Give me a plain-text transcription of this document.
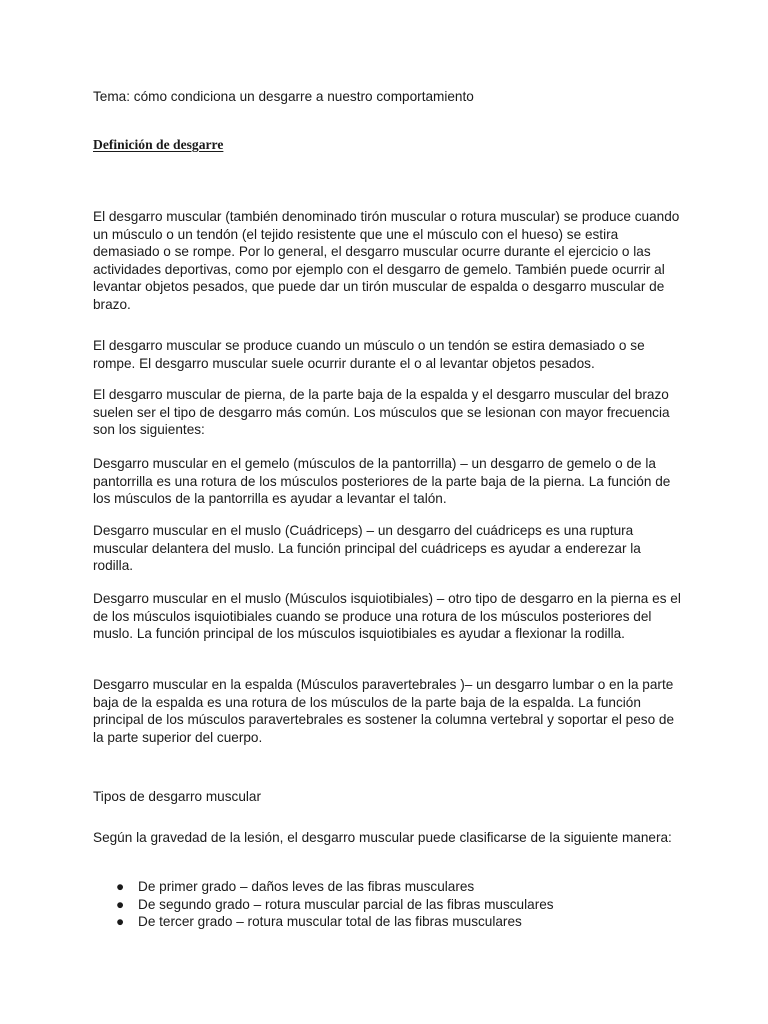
Tema: cómo condiciona un desgarre a nuestro comportamiento

Definición de desgarre

El desgarro muscular (también denominado tirón muscular o rotura muscular) se produce cuando un músculo o un tendón (el tejido resistente que une el músculo con el hueso) se estira demasiado o se rompe. Por lo general, el desgarro muscular ocurre durante el ejercicio o las actividades deportivas, como por ejemplo con el desgarro de gemelo. También puede ocurrir al levantar objetos pesados, que puede dar un tirón muscular de espalda o desgarro muscular de brazo.

El desgarro muscular se produce cuando un músculo o un tendón se estira demasiado o se rompe. El desgarro muscular suele ocurrir durante el o al levantar objetos pesados.

El desgarro muscular de pierna, de la parte baja de la espalda y el desgarro muscular del brazo suelen ser el tipo de desgarro más común. Los músculos que se lesionan con mayor frecuencia son los siguientes:

Desgarro muscular en el gemelo (músculos de la pantorrilla) – un desgarro de gemelo o de la pantorrilla es una rotura de los músculos posteriores de la parte baja de la pierna. La función de los músculos de la pantorrilla es ayudar a levantar el talón.

Desgarro muscular en el muslo (Cuádriceps) – un desgarro del cuádriceps es una ruptura muscular delantera del muslo. La función principal del cuádriceps es ayudar a enderezar la rodilla.

Desgarro muscular en el muslo (Músculos isquiotibiales) – otro tipo de desgarro en la pierna es el de los músculos isquiotibiales cuando se produce una rotura de los músculos posteriores del muslo. La función principal de los músculos isquiotibiales es ayudar a flexionar la rodilla.

Desgarro muscular en la espalda (Músculos paravertebrales )– un desgarro lumbar o en la parte baja de la espalda es una rotura de los músculos de la parte baja de la espalda. La función principal de los músculos paravertebrales es sostener la columna vertebral y soportar el peso de la parte superior del cuerpo.

Tipos de desgarro muscular

Según la gravedad de la lesión, el desgarro muscular puede clasificarse de la siguiente manera:

● De primer grado – daños leves de las fibras musculares
● De segundo grado – rotura muscular parcial de las fibras musculares
● De tercer grado – rotura muscular total de las fibras musculares
